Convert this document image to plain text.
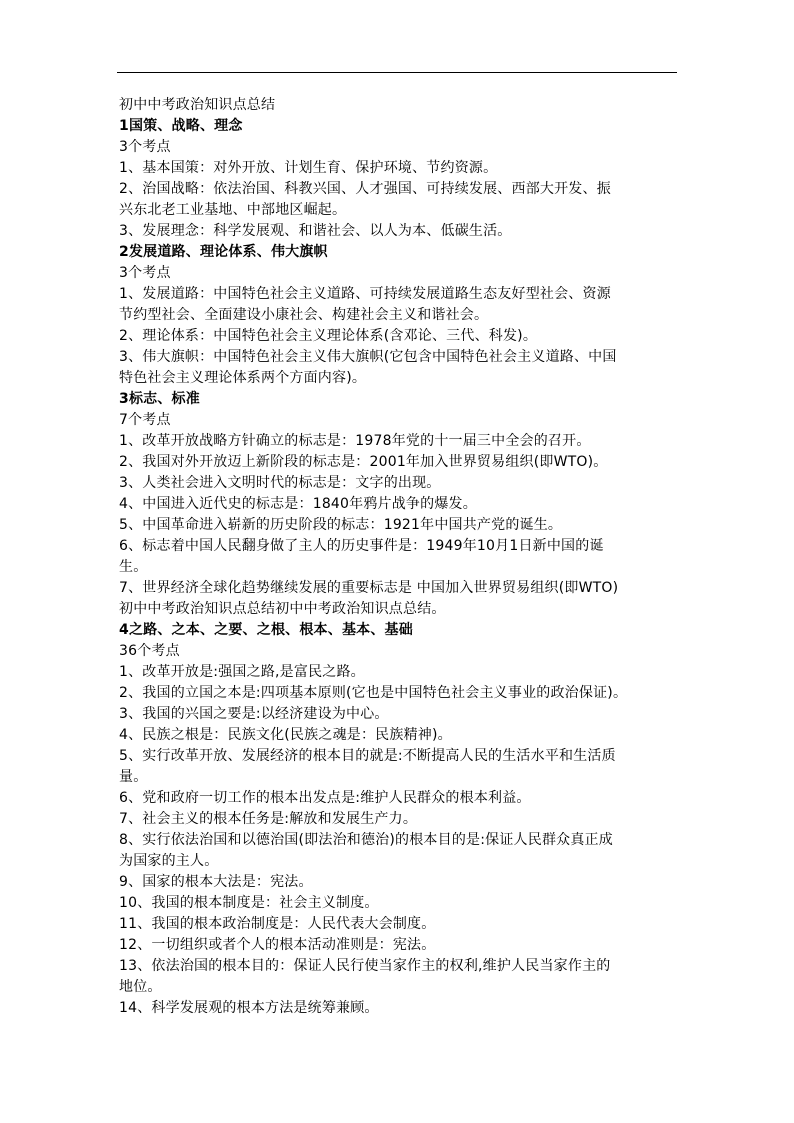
初中中考政治知识点总结
1国策、战略、理念
3个考点
1、基本国策：对外开放、计划生育、保护环境、节约资源。
2、治国战略：依法治国、科教兴国、人才强国、可持续发展、西部大开发、振
兴东北老工业基地、中部地区崛起。
3、发展理念：科学发展观、和谐社会、以人为本、低碳生活。
2发展道路、理论体系、伟大旗帜
3个考点
1、发展道路：中国特色社会主义道路、可持续发展道路生态友好型社会、资源
节约型社会、全面建设小康社会、构建社会主义和谐社会。
2、理论体系：中国特色社会主义理论体系(含邓论、三代、科发)。
3、伟大旗帜：中国特色社会主义伟大旗帜(它包含中国特色社会主义道路、中国
特色社会主义理论体系两个方面内容)。
3标志、标准
7个考点
1、改革开放战略方针确立的标志是：1978年党的十一届三中全会的召开。
2、我国对外开放迈上新阶段的标志是：2001年加入世界贸易组织(即WTO)。
3、人类社会进入文明时代的标志是：文字的出现。
4、中国进入近代史的标志是：1840年鸦片战争的爆发。
5、中国革命进入崭新的历史阶段的标志：1921年中国共产党的诞生。
6、标志着中国人民翻身做了主人的历史事件是：1949年10月1日新中国的诞
生。
7、世界经济全球化趋势继续发展的重要标志是 中国加入世界贸易组织(即WTO)
初中中考政治知识点总结初中中考政治知识点总结。
4之路、之本、之要、之根、根本、基本、基础
36个考点
1、改革开放是:强国之路,是富民之路。
2、我国的立国之本是:四项基本原则(它也是中国特色社会主义事业的政治保证)。
3、我国的兴国之要是:以经济建设为中心。
4、民族之根是：民族文化(民族之魂是：民族精神)。
5、实行改革开放、发展经济的根本目的就是:不断提高人民的生活水平和生活质
量。
6、党和政府一切工作的根本出发点是:维护人民群众的根本利益。
7、社会主义的根本任务是:解放和发展生产力。
8、实行依法治国和以德治国(即法治和德治)的根本目的是:保证人民群众真正成
为国家的主人。
9、国家的根本大法是：宪法。
10、我国的根本制度是：社会主义制度。
11、我国的根本政治制度是：人民代表大会制度。
12、一切组织或者个人的根本活动准则是：宪法。
13、依法治国的根本目的：保证人民行使当家作主的权利,维护人民当家作主的
地位。
14、科学发展观的根本方法是统筹兼顾。
